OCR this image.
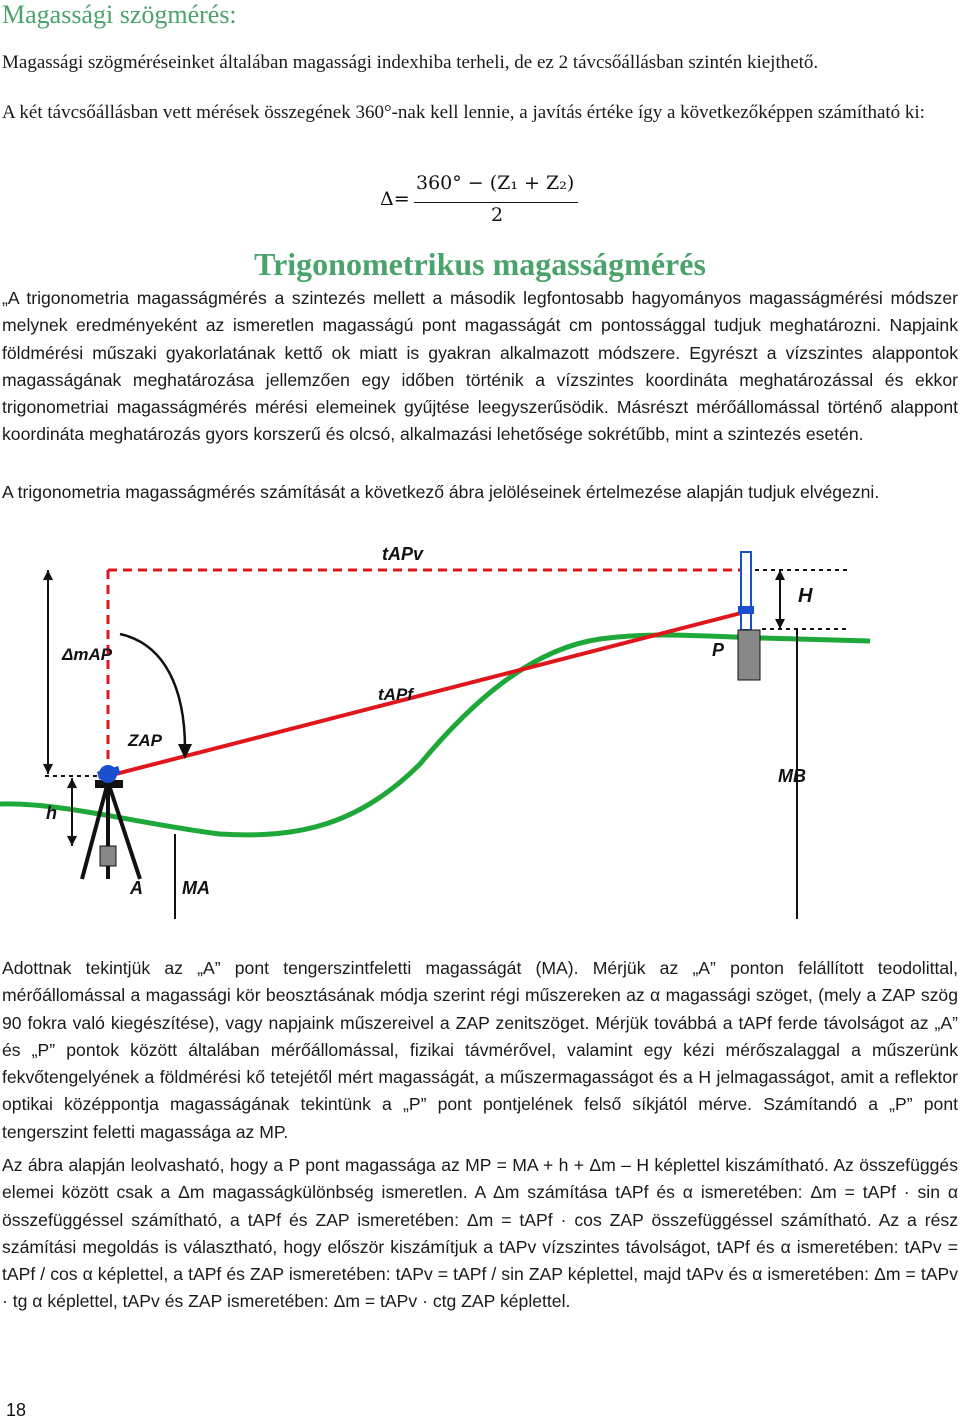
Magassági szögmérés:
Magassági szögméréseinket általában magassági indexhiba terheli, de ez 2 távcsőállásban szintén kiejthető.
A két távcsőállásban vett mérések összegének 360°-nak kell lennie, a javítás értéke így a következőképpen számítható ki:
Δ=
360° − (Z₁ + Z₂)
2
Trigonometrikus magasságmérés
„A trigonometria magasságmérés a szintezés mellett a második legfontosabb hagyományos magasságmérési módszer melynek eredményeként az ismeretlen magasságú pont magasságát cm pontossággal tudjuk meghatározni. Napjaink földmérési műszaki gyakorlatának kettő ok miatt is gyakran alkalmazott módszere. Egyrészt a vízszintes alappontok magasságának meghatározása jellemzően egy időben történik a vízszintes koordináta meghatározással és ekkor trigonometriai magasságmérés mérési elemeinek gyűjtése leegyszerűsödik. Másrészt mérőállomással történő alappont koordináta meghatározás gyors korszerű és olcsó, alkalmazási lehetősége sokrétűbb, mint a szintezés esetén.
A trigonometria magasságmérés számítását a következő ábra jelöléseinek értelmezése alapján tudjuk elvégezni.
tAPv
H
ΔmAP	P
tAPf
ZAP
MB
h
A MA
Adottnak tekintjük az „A” pont tengerszintfeletti magasságát (MA). Mérjük az „A” ponton felállított teodolittal, mérőállomással a magassági kör beosztásának módja szerint régi műszereken az α magassági szöget, (mely a ZAP szög 90 fokra való kiegészítése), vagy napjaink műszereivel a ZAP zenitszöget. Mérjük továbbá a tAPf ferde távolságot az „A” és „P” pontok között általában mérőállomással, fizikai távmérővel, valamint egy kézi mérőszalaggal a műszerünk fekvőtengelyének a földmérési kő tetejétől mért magasságát, a műszermagasságot és a H jelmagasságot, amit a reflektor optikai középpontja magasságának tekintünk a „P” pont pontjelének felső síkjától mérve. Számítandó a „P” pont tengerszint feletti magassága az MP.
Az ábra alapján leolvasható, hogy a P pont magassága az MP = MA + h + Δm – H képlettel kiszámítható. Az összefüggés elemei között csak a Δm magasságkülönbség ismeretlen. A Δm számítása tAPf és α ismeretében: Δm = tAPf · sin α összefüggéssel számítható, a tAPf és ZAP ismeretében: Δm = tAPf · cos ZAP összefüggéssel számítható. Az a rész számítási megoldás is választható, hogy először kiszámítjuk a tAPv vízszintes távolságot, tAPf és α ismeretében: tAPv = tAPf / cos α képlettel, a tAPf és ZAP ismeretében: tAPv = tAPf / sin ZAP képlettel, majd tAPv és α ismeretében: Δm = tAPv · tg α képlettel, tAPv és ZAP ismeretében: Δm = tAPv · ctg ZAP képlettel.
18
